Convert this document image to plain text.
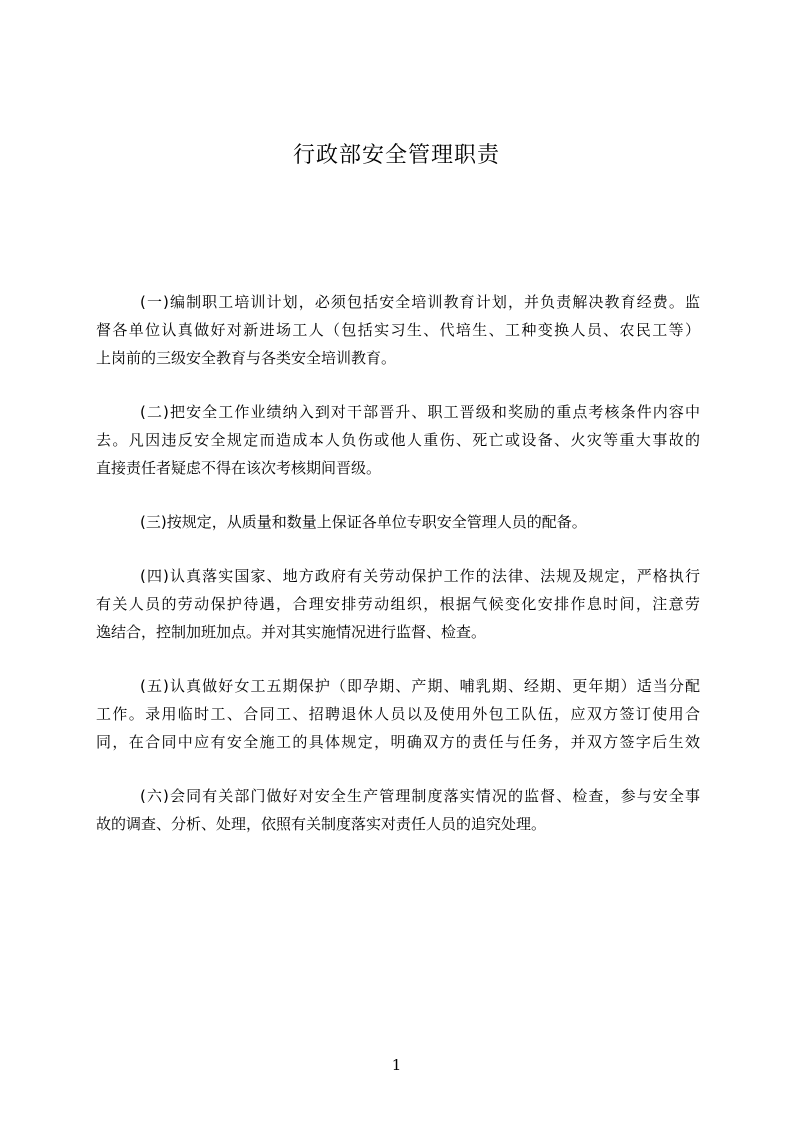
行政部安全管理职责
(一)编制职工培训计划，必须包括安全培训教育计划，并负责解决教育经费。监
督各单位认真做好对新进场工人（包括实习生、代培生、工种变换人员、农民工等）
上岗前的三级安全教育与各类安全培训教育。
(二)把安全工作业绩纳入到对干部晋升、职工晋级和奖励的重点考核条件内容中
去。凡因违反安全规定而造成本人负伤或他人重伤、死亡或设备、火灾等重大事故的
直接责任者疑虑不得在该次考核期间晋级。
(三)按规定，从质量和数量上保证各单位专职安全管理人员的配备。
(四)认真落实国家、地方政府有关劳动保护工作的法律、法规及规定，严格执行
有关人员的劳动保护待遇，合理安排劳动组织，根据气候变化安排作息时间，注意劳
逸结合，控制加班加点。并对其实施情况进行监督、检查。
(五)认真做好女工五期保护（即孕期、产期、哺乳期、经期、更年期）适当分配
工作。录用临时工、合同工、招聘退休人员以及使用外包工队伍，应双方签订使用合
同，在合同中应有安全施工的具体规定，明确双方的责任与任务，并双方签字后生效
(六)会同有关部门做好对安全生产管理制度落实情况的监督、检查，参与安全事
故的调查、分析、处理，依照有关制度落实对责任人员的追究处理。
1
